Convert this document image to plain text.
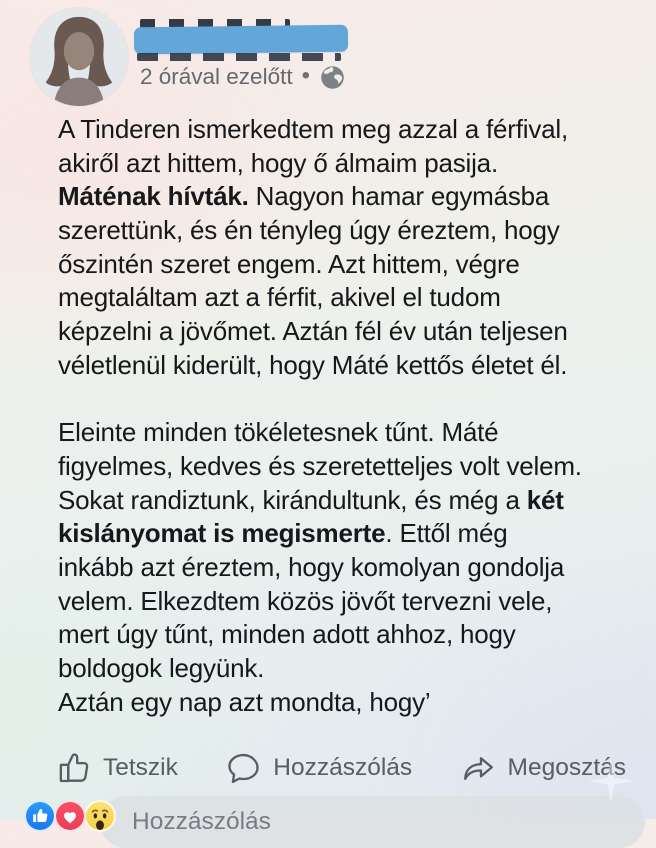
2 órával ezelőtt •
A Tinderen ismerkedtem meg azzal a férfival,
akiről azt hittem, hogy ő álmaim pasija.
Máténak hívták. Nagyon hamar egymásba
szerettünk, és én tényleg úgy éreztem, hogy
őszintén szeret engem. Azt hittem, végre
megtaláltam azt a férfit, akivel el tudom
képzelni a jövőmet. Aztán fél év után teljesen
véletlenül kiderült, hogy Máté kettős életet él.
Eleinte minden tökéletesnek tűnt. Máté
figyelmes, kedves és szeretetteljes volt velem.
Sokat randiztunk, kirándultunk, és még a két
kislányomat is megismerte. Ettől még
inkább azt éreztem, hogy komolyan gondolja
velem. Elkezdtem közös jövőt tervezni vele,
mert úgy tűnt, minden adott ahhoz, hogy
boldogok legyünk.
Aztán egy nap azt mondta, hogy’
Tetszik	Hozzászólás	Megosztás
Hozzászólás
